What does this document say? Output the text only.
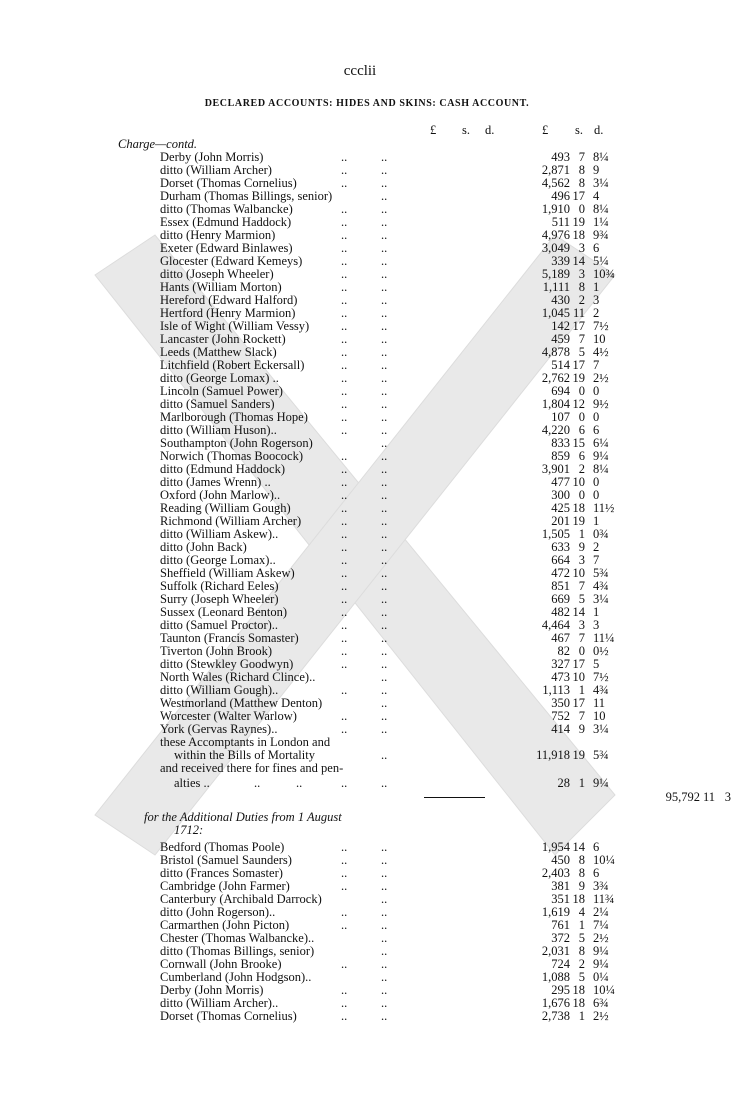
ccclii
DECLARED ACCOUNTS: HIDES AND SKINS: CASH ACCOUNT.
£ s. d.	£ s. d.
Charge—contd.
Derby (John Morris)	..	..	493 7 8¼
ditto (William Archer)	..	..	2,871 8 9
Dorset (Thomas Cornelius)	..	..	4,562 8 3¼
Durham (Thomas Billings, senior)	..	496 17 4
ditto (Thomas Walbancke)	..	..	1,910 0 8¼
Essex (Edmund Haddock)	..	..	511 19 1¼
ditto (Henry Marmion)	..	..	4,976 18 9¾
Exeter (Edward Binlawes)	..	..	3,049 3 6
Glocester (Edward Kemeys)	..	..	339 14 5¼
ditto (Joseph Wheeler)	..	..	5,189 3 10¾
Hants (William Morton)	..	..	1,111 8 1
Hereford (Edward Halford)	..	..	430 2 3
Hertford (Henry Marmion)	..	..	1,045 11 2
Isle of Wight (William Vessy)	..	..	142 17 7½
Lancaster (John Rockett)	..	..	459 7 10
Leeds (Matthew Slack)	..	..	4,878 5 4½
Litchfield (Robert Eckersall)	..	..	514 17 7
ditto (George Lomax) ..	..	..	2,762 19 2½
Lincoln (Samuel Power)	..	..	694 0 0
ditto (Samuel Sanders)	..	..	1,804 12 9½
Marlborough (Thomas Hope)	..	..	107 0 0
ditto (William Huson)..	..	..	4,220 6 6
Southampton (John Rogerson)	..	833 15 6¼
Norwich (Thomas Boocock)	..	..	859 6 9¼
ditto (Edmund Haddock)	..	..	3,901 2 8¼
ditto (James Wrenn) ..	..	..	477 10 0
Oxford (John Marlow)..	..	..	300 0 0
Reading (William Gough)	..	..	425 18 11½
Richmond (William Archer)	..	..	201 19 1
ditto (William Askew)..	..	..	1,505 1 0¾
ditto (John Back)	..	..	633 9 2
ditto (George Lomax)..	..	..	664 3 7
Sheffield (William Askew)	..	..	472 10 5¾
Suffolk (Richard Eeles)	..	..	851 7 4¾
Surry (Joseph Wheeler)	..	..	669 5 3¼
Sussex (Leonard Benton)	..	..	482 14 1
ditto (Samuel Proctor)..	..	..	4,464 3 3
Taunton (Francis Somaster)	..	..	467 7 11¼
Tiverton (John Brook)	..	..	82 0 0½
ditto (Stewkley Goodwyn)	..	..	327 17 5
North Wales (Richard Clince)..	..	473 10 7½
ditto (William Gough)..	..	..	1,113 1 4¾
Westmorland (Matthew Denton)	..	350 17 11
Worcester (Walter Warlow)	..	..	752 7 10
York (Gervas Raynes)..	..	..	414 9 3¼
these Accomptants in London and
within the Bills of Mortality	..	11,918 19 5¾
and received there for fines and pen-
alties ..	..	..	..	..	28 1 9¼
95,792 11 3
for the Additional Duties from 1 August
1712:
Bedford (Thomas Poole)	..	..	1,954 14 6
Bristol (Samuel Saunders)	..	..	450 8 10¼
ditto (Frances Somaster)	..	..	2,403 8 6
Cambridge (John Farmer)	..	..	381 9 3¾
Canterbury (Archibald Darrock)	..	351 18 11¾
ditto (John Rogerson)..	..	..	1,619 4 2¼
Carmarthen (John Picton)	..	..	761 1 7¼
Chester (Thomas Walbancke)..	..	372 5 2½
ditto (Thomas Billings, senior)	..	2,031 8 9¼
Cornwall (John Brooke)	..	..	724 2 9¼
Cumberland (John Hodgson)..	..	1,088 5 0¼
Derby (John Morris)	..	..	295 18 10¼
ditto (William Archer)..	..	..	1,676 18 6¾
Dorset (Thomas Cornelius)	..	..	2,738 1 2½
